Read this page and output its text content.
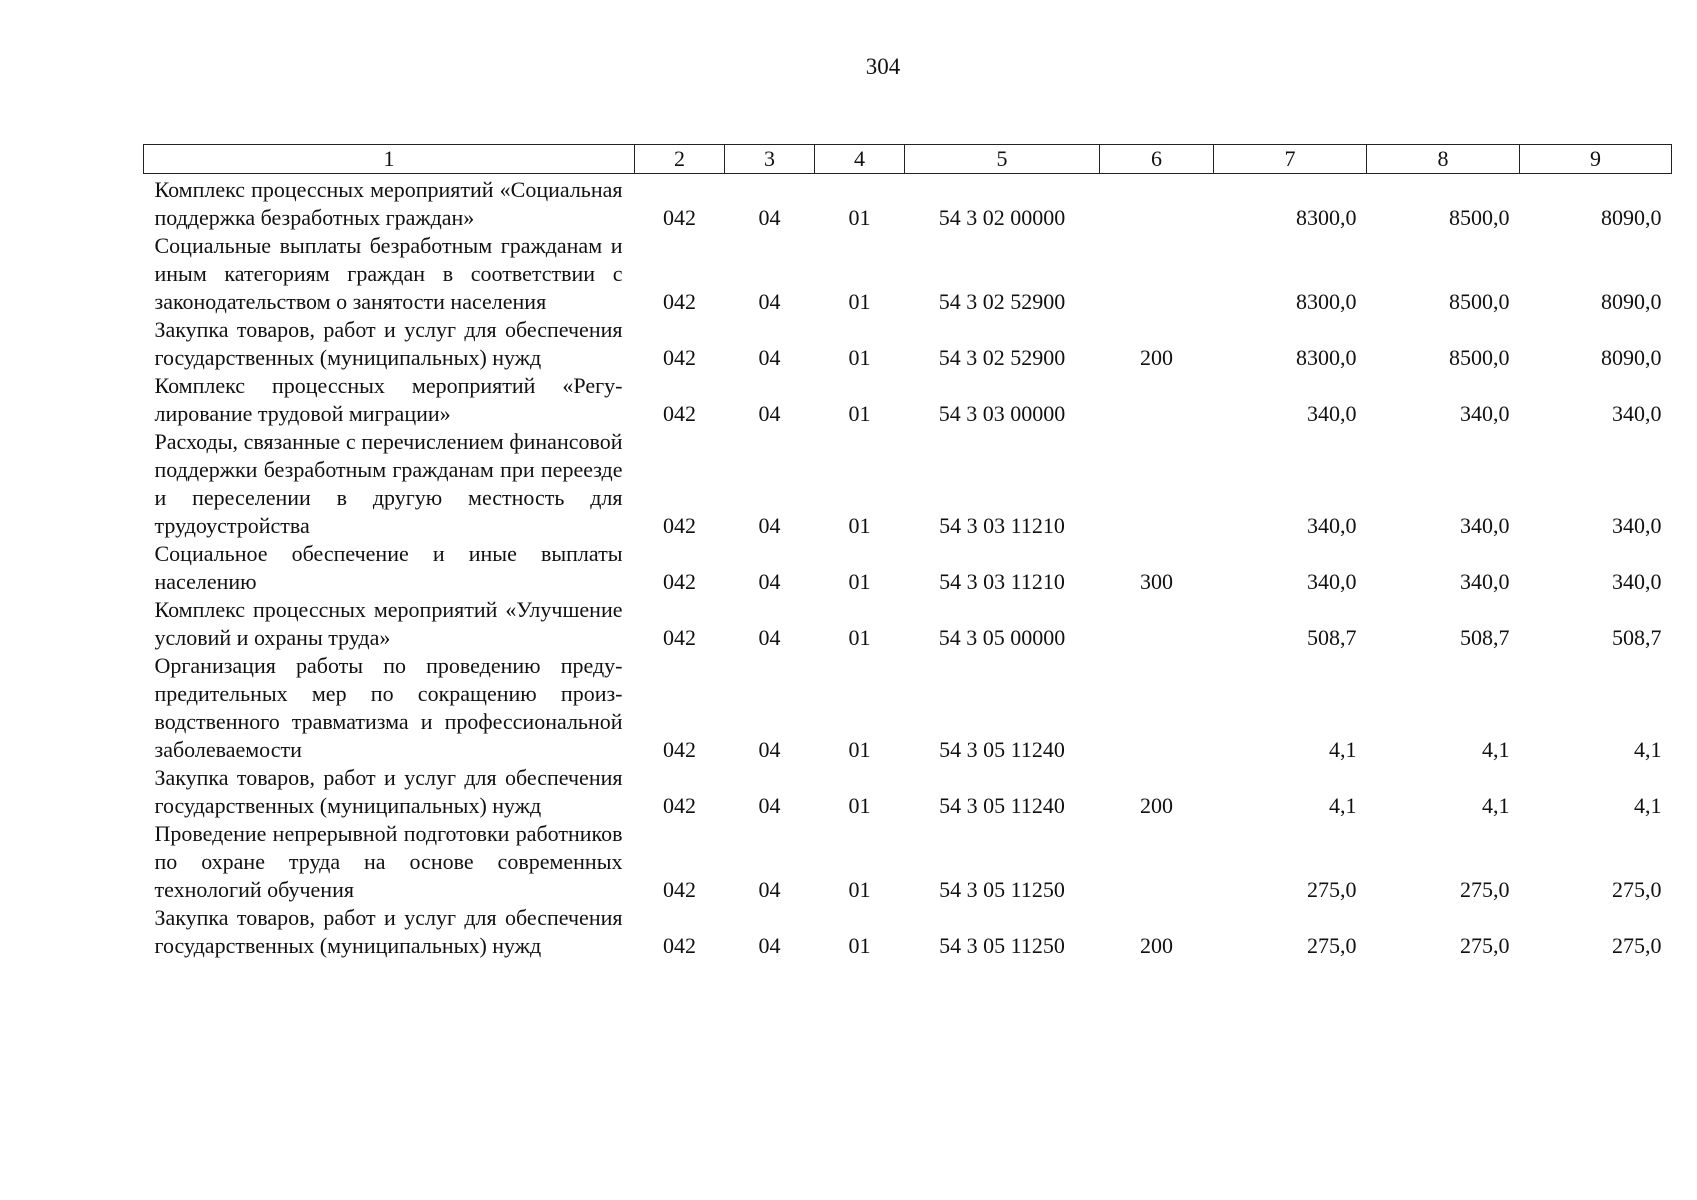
304
1	2	3	4	5	6	7	8	9
Комплекс процессных мероприятий «Социальная поддержка безработных граждан»	042	04	01	54 3 02 00000		8300,0	8500,0	8090,0
Социальные выплаты безработным гражданам и иным категориям граждан в соответствии с законодательством о занятости населения	042	04	01	54 3 02 52900		8300,0	8500,0	8090,0
Закупка товаров, работ и услуг для обеспечения государственных (муниципальных) нужд	042	04	01	54 3 02 52900	200	8300,0	8500,0	8090,0
Комплекс процессных мероприятий «Регулирование трудовой миграции»	042	04	01	54 3 03 00000		340,0	340,0	340,0
Расходы, связанные с перечислением финансовой поддержки безработным гражданам при переезде и переселении в другую местность для трудоустройства	042	04	01	54 3 03 11210		340,0	340,0	340,0
Социальное обеспечение и иные выплаты населению	042	04	01	54 3 03 11210	300	340,0	340,0	340,0
Комплекс процессных мероприятий «Улучшение условий и охраны труда»	042	04	01	54 3 05 00000		508,7	508,7	508,7
Организация работы по проведению предупредительных мер по сокращению производственного травматизма и профессиональной заболеваемости	042	04	01	54 3 05 11240		4,1	4,1	4,1
Закупка товаров, работ и услуг для обеспечения государственных (муниципальных) нужд	042	04	01	54 3 05 11240	200	4,1	4,1	4,1
Проведение непрерывной подготовки работников по охране труда на основе современных технологий обучения	042	04	01	54 3 05 11250		275,0	275,0	275,0
Закупка товаров, работ и услуг для обеспечения государственных (муниципальных) нужд	042	04	01	54 3 05 11250	200	275,0	275,0	275,0
